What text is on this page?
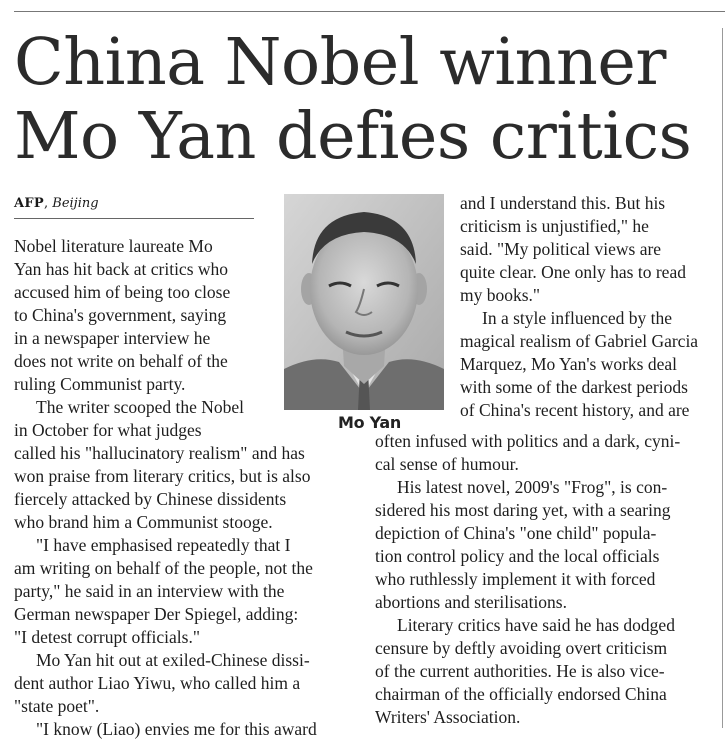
China Nobel winner
Mo Yan defies critics
AFP, Beijing
Mo Yan

Nobel literature laureate Mo
Yan has hit back at critics who
accused him of being too close
to China's government, saying
in a newspaper interview he
does not write on behalf of the
ruling Communist party.

The writer scooped the Nobel
in October for what judges

called his "hallucinatory realism" and has
won praise from literary critics, but is also
fiercely attacked by Chinese dissidents
who brand him a Communist stooge.

"I have emphasised repeatedly that I
am writing on behalf of the people, not the
party," he said in an interview with the
German newspaper Der Spiegel, adding:
"I detest corrupt officials."

Mo Yan hit out at exiled-Chinese dissi-
dent author Liao Yiwu, who called him a
"state poet".

"I know (Liao) envies me for this award

and I understand this. But his
criticism is unjustified," he
said. "My political views are
quite clear. One only has to read
my books."

In a style influenced by the
magical realism of Gabriel Garcia
Marquez, Mo Yan's works deal
with some of the darkest periods
of China's recent history, and are

often infused with politics and a dark, cyni-
cal sense of humour.

His latest novel, 2009's "Frog", is con-
sidered his most daring yet, with a searing
depiction of China's "one child" popula-
tion control policy and the local officials
who ruthlessly implement it with forced
abortions and sterilisations.

Literary critics have said he has dodged
censure by deftly avoiding overt criticism
of the current authorities. He is also vice-
chairman of the officially endorsed China
Writers' Association.
